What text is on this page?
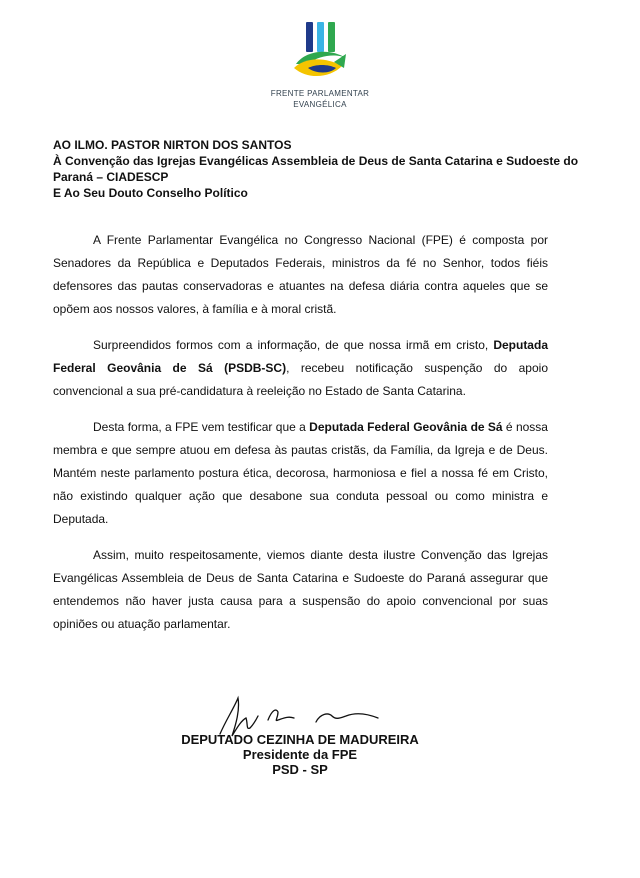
FRENTE PARLAMENTAR
EVANGÉLICA
AO ILMO. PASTOR NIRTON DOS SANTOS
À Convenção das Igrejas Evangélicas Assembleia de Deus de Santa Catarina e Sudoeste do
Paraná – CIADESCP
E Ao Seu Douto Conselho Político

A Frente Parlamentar Evangélica no Congresso Nacional (FPE) é composta por Senadores da República e Deputados Federais, ministros da fé no Senhor, todos fiéis defensores das pautas conservadoras e atuantes na defesa diária contra aqueles que se opõem aos nossos valores, à família e à moral cristã.

Surpreendidos formos com a informação, de que nossa irmã em cristo, Deputada Federal Geovânia de Sá (PSDB-SC), recebeu notificação suspenção do apoio convencional a sua pré-candidatura à reeleição no Estado de Santa Catarina.

Desta forma, a FPE vem testificar que a Deputada Federal Geovânia de Sá é nossa membra e que sempre atuou em defesa às pautas cristãs, da Família, da Igreja e de Deus. Mantém neste parlamento postura ética, decorosa, harmoniosa e fiel a nossa fé em Cristo, não existindo qualquer ação que desabone sua conduta pessoal ou como ministra e Deputada.

Assim, muito respeitosamente, viemos diante desta ilustre Convenção das Igrejas Evangélicas Assembleia de Deus de Santa Catarina e Sudoeste do Paraná assegurar que entendemos não haver justa causa para a suspensão do apoio convencional por suas opiniões ou atuação parlamentar.

DEPUTADO CEZINHA DE MADUREIRA
Presidente da FPE
PSD - SP
